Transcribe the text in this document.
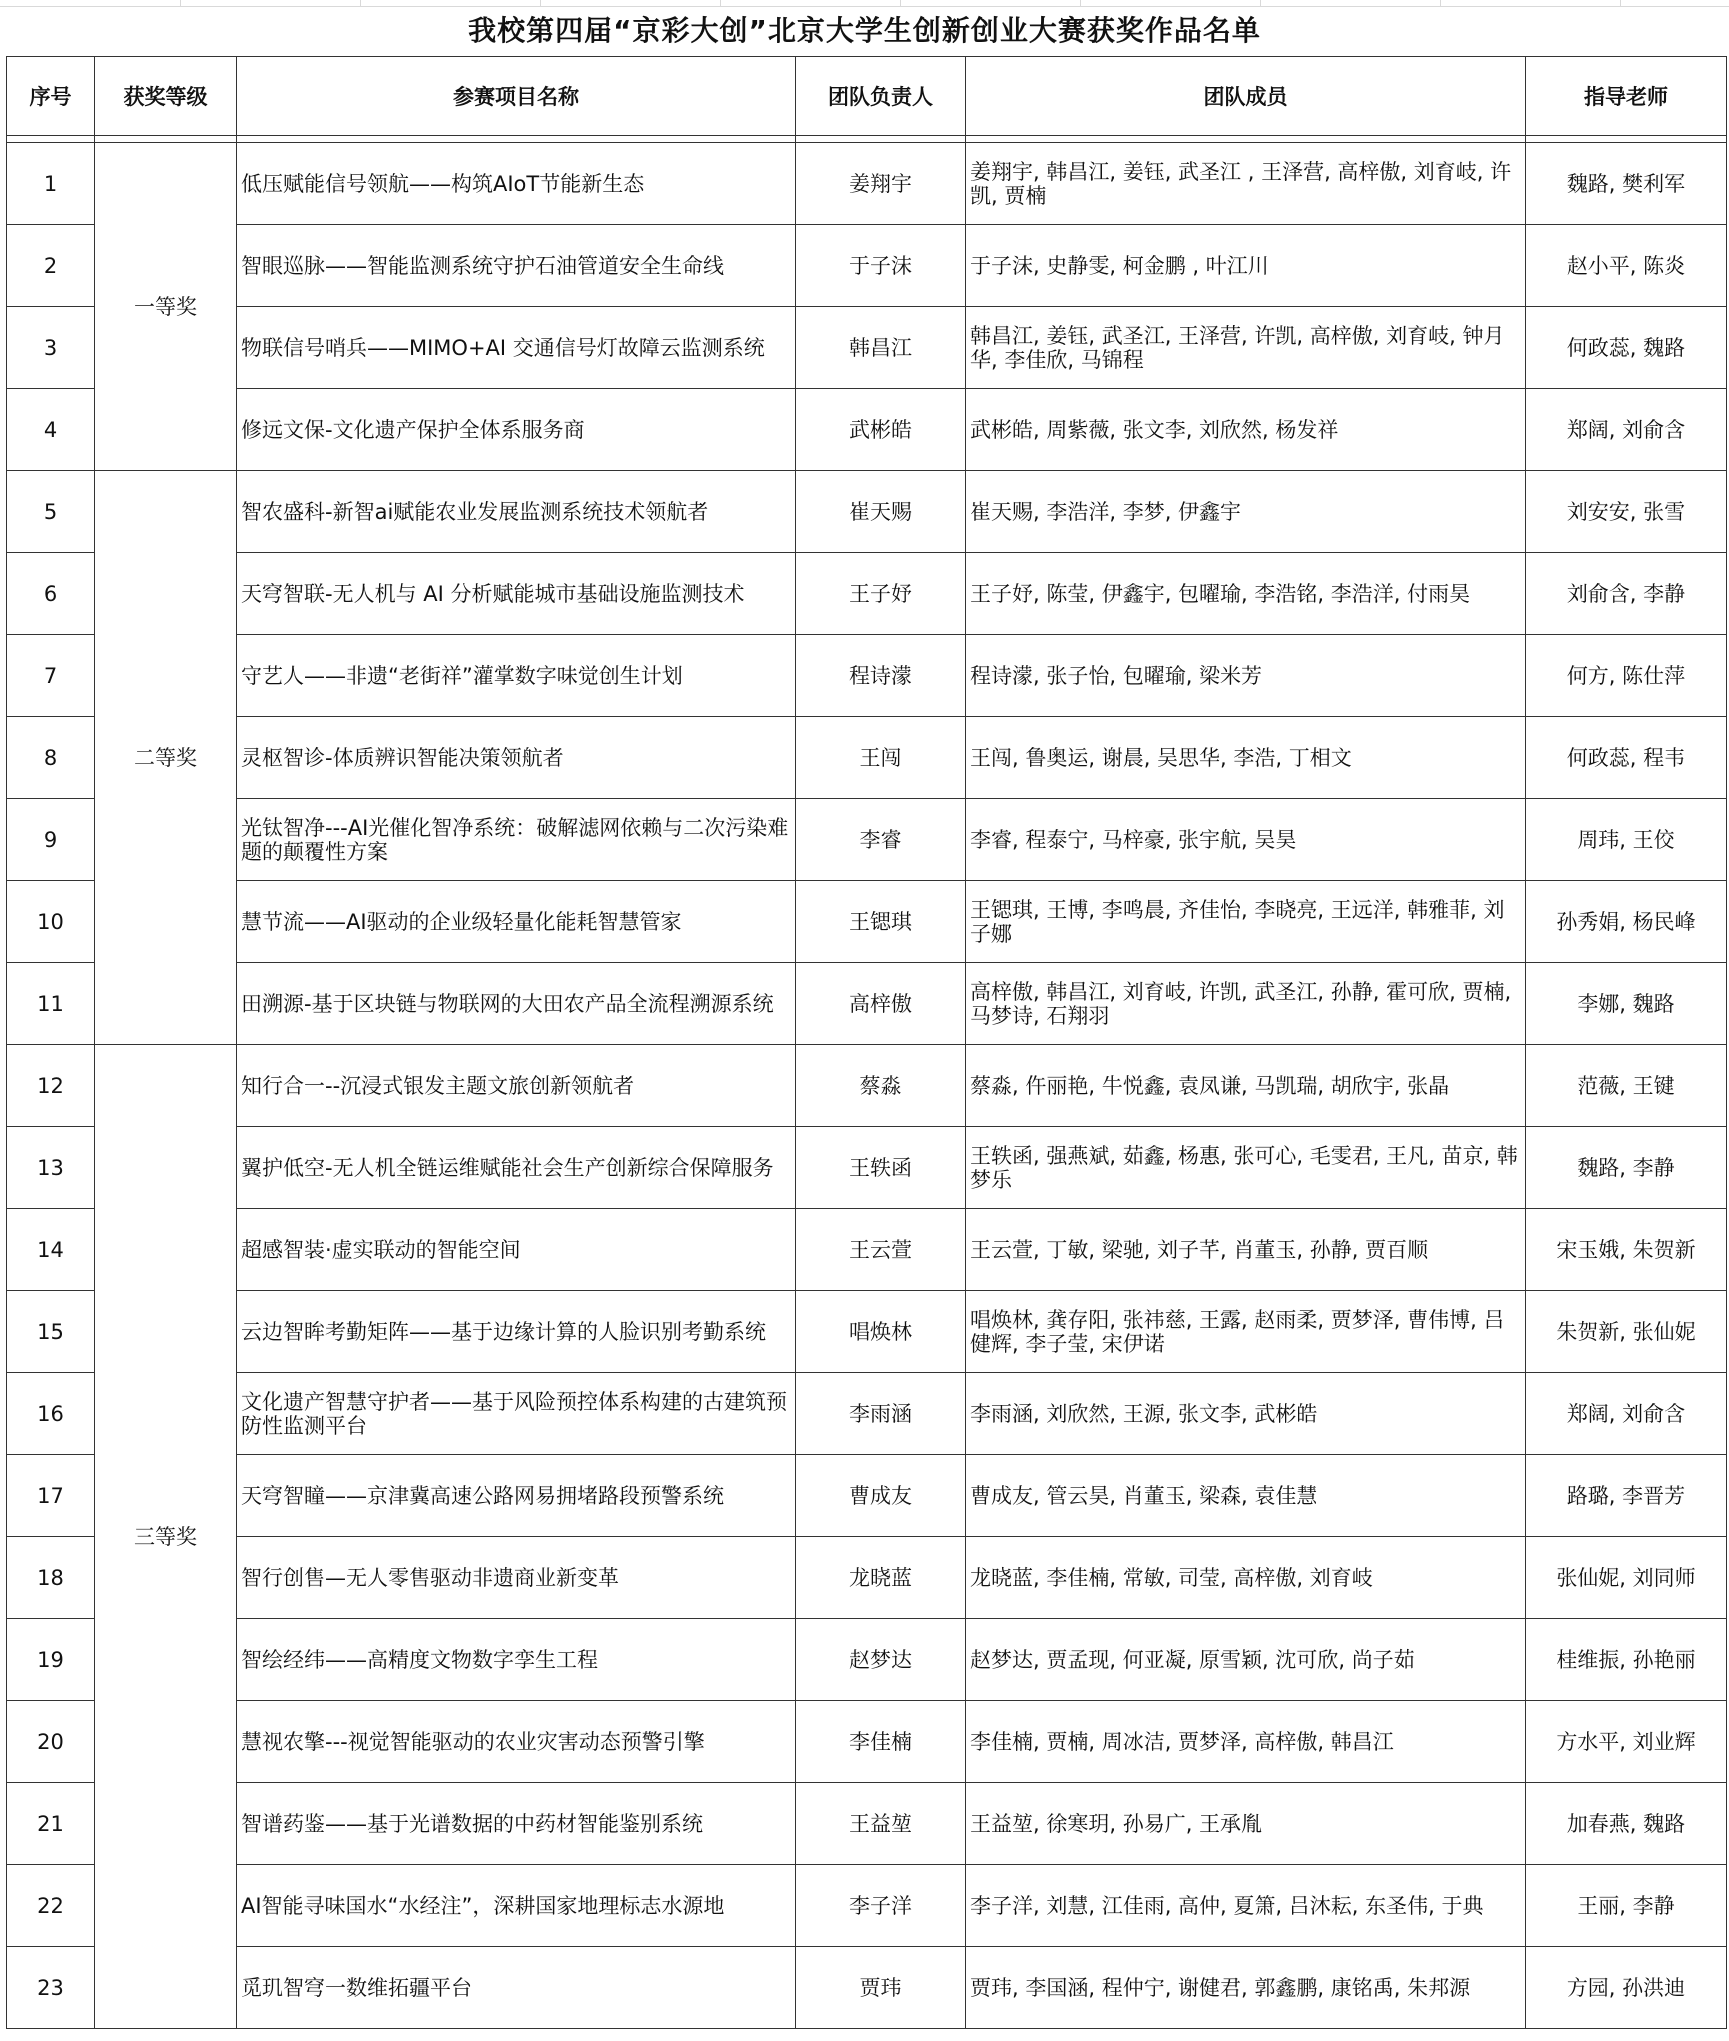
我校第四届“京彩大创”北京大学生创新创业大赛获奖作品名单
序号	获奖等级	参赛项目名称	团队负责人	团队成员	指导老师

1	一等奖	低压赋能信号领航——构筑AIoT节能新生态	姜翔宇	姜翔宇, 韩昌江, 姜钰, 武圣江 , 王泽营, 高梓傲, 刘育岐, 许凯, 贾楠	魏路, 樊利军
2		智眼巡脉——智能监测系统守护石油管道安全生命线	于子沫	于子沫, 史静雯, 柯金鹏 , 叶江川	赵小平, 陈炎
3		物联信号哨兵——MIMO+AI 交通信号灯故障云监测系统	韩昌江	韩昌江, 姜钰, 武圣江, 王泽营, 许凯, 高梓傲, 刘育岐, 钟月华, 李佳欣, 马锦程	何政蕊, 魏路
4		修远文保-文化遗产保护全体系服务商	武彬皓	武彬皓, 周紫薇, 张文李, 刘欣然, 杨发祥	郑阔, 刘俞含
5	二等奖	智农盛科-新智ai赋能农业发展监测系统技术领航者	崔天赐	崔天赐, 李浩洋, 李梦, 伊鑫宇	刘安安, 张雪
6		天穹智联-无人机与 AI 分析赋能城市基础设施监测技术	王子妤	王子妤, 陈莹, 伊鑫宇, 包曜瑜, 李浩铭, 李浩洋, 付雨昊	刘俞含, 李静
7		守艺人——非遗“老街祥”灌掌数字味觉创生计划	程诗濛	程诗濛, 张子怡, 包曜瑜, 梁米芳	何方, 陈仕萍
8		灵枢智诊-体质辨识智能决策领航者	王闯	王闯, 鲁奥运, 谢晨, 吴思华, 李浩, 丁相文	何政蕊, 程韦
9		光钛智净---AI光催化智净系统：破解滤网依赖与二次污染难题的颠覆性方案	李睿	李睿, 程泰宁, 马梓豪, 张宇航, 吴昊	周玮, 王佼
10		慧节流——AI驱动的企业级轻量化能耗智慧管家	王锶琪	王锶琪, 王博, 李鸣晨, 齐佳怡, 李晓亮, 王远洋, 韩雅菲, 刘子娜	孙秀娟, 杨民峰
11		田溯源-基于区块链与物联网的大田农产品全流程溯源系统	高梓傲	高梓傲, 韩昌江, 刘育岐, 许凯, 武圣江, 孙静, 霍可欣, 贾楠, 马梦诗, 石翔羽	李娜, 魏路
12	三等奖	知行合一--沉浸式银发主题文旅创新领航者	蔡淼	蔡淼, 仵丽艳, 牛悦鑫, 袁凤谦, 马凯瑞, 胡欣宇, 张晶	范薇, 王键
13		翼护低空-无人机全链运维赋能社会生产创新综合保障服务	王轶函	王轶函, 强燕斌, 茹鑫, 杨惠, 张可心, 毛雯君, 王凡, 苗京, 韩梦乐	魏路, 李静
14		超感智装·虚实联动的智能空间	王云萱	王云萱, 丁敏, 梁驰, 刘子芊, 肖董玉, 孙静, 贾百顺	宋玉娥, 朱贺新
15		云边智眸考勤矩阵——基于边缘计算的人脸识别考勤系统	唱焕林	唱焕林, 龚存阳, 张祎慈, 王露, 赵雨柔, 贾梦泽, 曹伟博, 吕健辉, 李子莹, 宋伊诺	朱贺新, 张仙妮
16		文化遗产智慧守护者——基于风险预控体系构建的古建筑预防性监测平台	李雨涵	李雨涵, 刘欣然, 王源, 张文李, 武彬皓	郑阔, 刘俞含
17		天穹智瞳——京津冀高速公路网易拥堵路段预警系统	曹成友	曹成友, 管云昊, 肖董玉, 梁森, 袁佳慧	路璐, 李晋芳
18		智行创售—无人零售驱动非遗商业新变革	龙晓蓝	龙晓蓝, 李佳楠, 常敏, 司莹, 高梓傲, 刘育岐	张仙妮, 刘同师
19		智绘经纬——高精度文物数字孪生工程	赵梦达	赵梦达, 贾孟现, 何亚凝, 原雪颖, 沈可欣, 尚子茹	桂维振, 孙艳丽
20		慧视农擎---视觉智能驱动的农业灾害动态预警引擎	李佳楠	李佳楠, 贾楠, 周冰洁, 贾梦泽, 高梓傲, 韩昌江	方水平, 刘业辉
21		智谱药鉴——基于光谱数据的中药材智能鉴别系统	王益堃	王益堃, 徐寒玥, 孙易广, 王承胤	加春燕, 魏路
22		AI智能寻味国水“水经注”，深耕国家地理标志水源地	李子洋	李子洋, 刘慧, 江佳雨, 高仲, 夏箫, 吕沐耘, 东圣伟, 于典	王丽, 李静
23		觅玑智穹一数维拓疆平台	贾玮	贾玮, 李国涵, 程仲宁, 谢健君, 郭鑫鹏, 康铭禹, 朱邦源	方园, 孙洪迪
